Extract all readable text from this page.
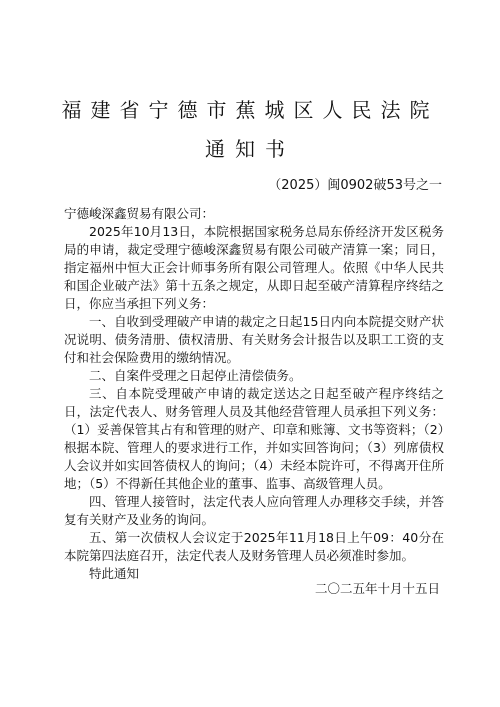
福建省宁德市蕉城区人民法院
通知书
（2025）闽0902破53号之一

宁德峻深鑫贸易有限公司：

2025年10月13日，本院根据国家税务总局东侨经济开发区税务局的申请，裁定受理宁德峻深鑫贸易有限公司破产清算一案；同日，指定福州中恒大正会计师事务所有限公司管理人。依照《中华人民共和国企业破产法》第十五条之规定，从即日起至破产清算程序终结之日，你应当承担下列义务：

一、自收到受理破产申请的裁定之日起15日内向本院提交财产状况说明、债务清册、债权清册、有关财务会计报告以及职工工资的支付和社会保险费用的缴纳情况。

二、自案件受理之日起停止清偿债务。

三、自本院受理破产申请的裁定送达之日起至破产程序终结之日，法定代表人、财务管理人员及其他经营管理人员承担下列义务：（1）妥善保管其占有和管理的财产、印章和账簿、文书等资料；（2）根据本院、管理人的要求进行工作，并如实回答询问；（3）列席债权人会议并如实回答债权人的询问；（4）未经本院许可，不得离开住所地；（5）不得新任其他企业的董事、监事、高级管理人员。

四、管理人接管时，法定代表人应向管理人办理移交手续，并答复有关财产及业务的询问。

五、第一次债权人会议定于2025年11月18日上午09：40分在本院第四法庭召开，法定代表人及财务管理人员必须准时参加。

特此通知

二〇二五年十月十五日
